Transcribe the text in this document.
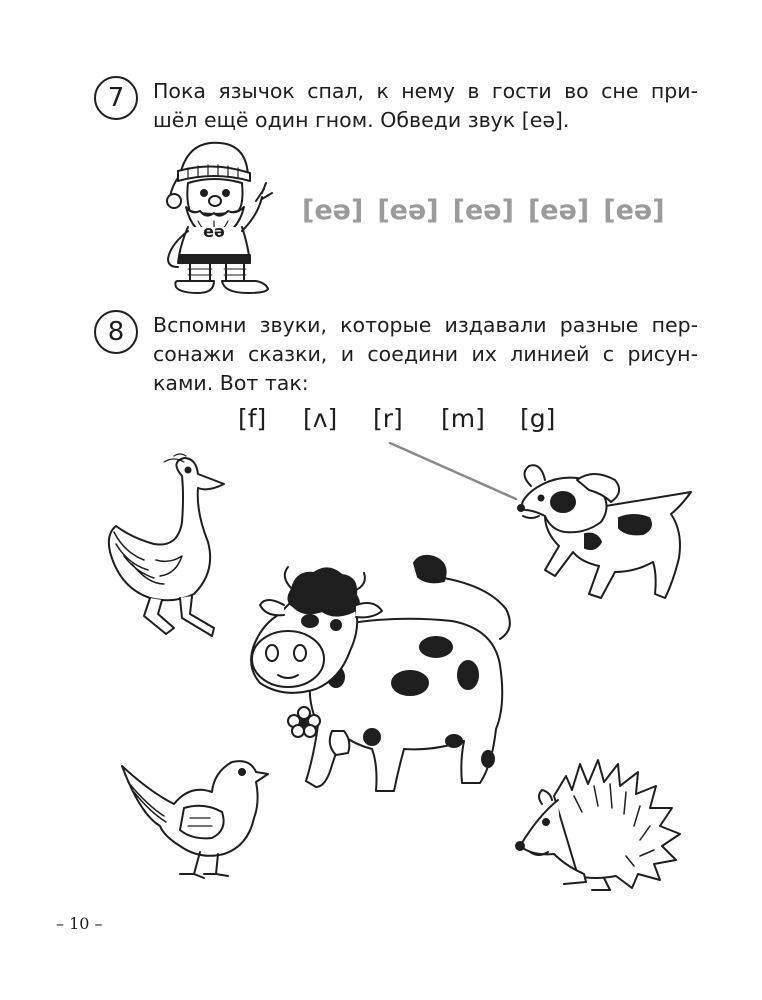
7	Пока язычок спал, к нему в гости во сне при-
шёл ещё один гном. Обведи звук [eə].

eə
[eə] [eə] [eə] [eə] [eə]
8	Вспомни звуки, которые издавали разные пер-
сонажи сказки, и соедини их линией с рисун-
ками. Вот так:

[f] [ʌ] [r] [m] [g]
– 10 –
